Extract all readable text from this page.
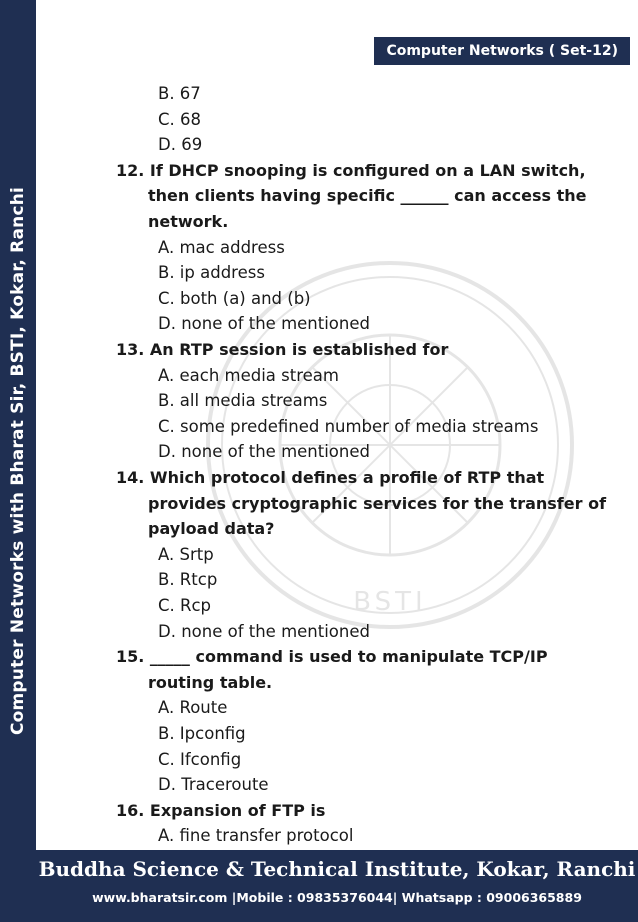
Computer Networks with Bharat Sir, BSTI, Kokar, Ranchi	BSTI
Computer Networks ( Set-12)
B. 67
C. 68
D. 69
12. If DHCP snooping is configured on a LAN switch,
then clients having specific ______ can access the
network.
A. mac address
B. ip address
C. both (a) and (b)
D. none of the mentioned
13. An RTP session is established for
A. each media stream
B. all media streams
C. some predefined number of media streams
D. none of the mentioned
14. Which protocol defines a profile of RTP that
provides cryptographic services for the transfer of
payload data?
A. Srtp
B. Rtcp
C. Rcp
D. none of the mentioned
15. _____ command is used to manipulate TCP/IP
routing table.
A. Route
B. Ipconfig
C. Ifconfig
D. Traceroute
16. Expansion of FTP is
A. fine transfer protocol
Buddha Science & Technical Institute, Kokar, Ranchi
www.bharatsir.com |Mobile : 09835376044| Whatsapp : 09006365889
